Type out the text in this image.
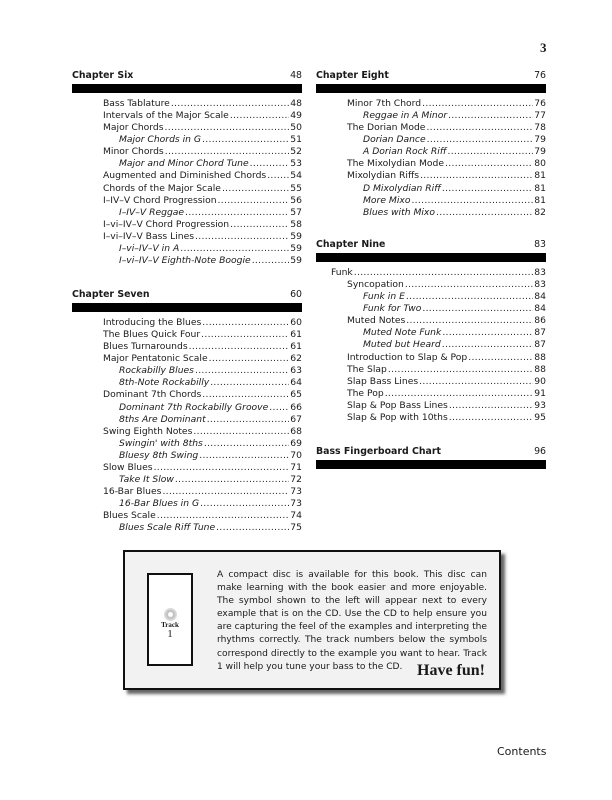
3
Chapter Six	48
Bass Tablature .....	48
Intervals of the Major Scale .....	49
Major Chords .....	50
Major Chords in G .....	51
Minor Chords .....	52
Major and Minor Chord Tune .....	53
Augmented and Diminished Chords .....	54
Chords of the Major Scale .....	55
I–IV–V Chord Progression .....	56
I–IV–V Reggae .....	57
I–vi–IV–V Chord Progression .....	58
I–vi–IV–V Bass Lines .....	59
I–vi–IV–V in A .....	59
I–vi–IV–V Eighth-Note Boogie .....	59
Chapter Seven	60
Introducing the Blues .....	60
The Blues Quick Four .....	61
Blues Turnarounds .....	61
Major Pentatonic Scale .....	62
Rockabilly Blues .....	63
8th-Note Rockabilly .....	64
Dominant 7th Chords .....	65
Dominant 7th Rockabilly Groove ..... 66
8ths Are Dominant .....	67
Swing Eighth Notes .....	68
Swingin' with 8ths .....	69
Bluesy 8th Swing .....	70
Slow Blues .....	71
Take It Slow .....	72
16-Bar Blues .....	73
16-Bar Blues in G .....	73
Blues Scale .....	74
Blues Scale Riff Tune .....	75
Chapter Eight	76
Minor 7th Chord .....	76
Reggae in A Minor .....	77
The Dorian Mode .....	78
Dorian Dance .....	79
A Dorian Rock Riff .....	79
The Mixolydian Mode .....	80
Mixolydian Riffs .....	81
D Mixolydian Riff .....	81
More Mixo .....	81
Blues with Mixo .....	82
Chapter Nine	83
Funk .....	83
Syncopation .....	83
Funk in E .....	84
Funk for Two .....	84
Muted Notes .....	86
Muted Note Funk .....	87
Muted but Heard .....	87
Introduction to Slap & Pop .....	88
The Slap .....	88
Slap Bass Lines .....	90
The Pop .....	91
Slap & Pop Bass Lines .....	93
Slap & Pop with 10ths .....	95
Bass Fingerboard Chart	96
Track
1
A compact disc is available for this book. This disc can make learning with the book easier and more enjoyable. The symbol shown to the left will appear next to every example that is on the CD. Use the CD to help ensure you are capturing the feel of the examples and interpreting the rhythms correctly. The track numbers below the symbols correspond directly to the example you want to hear. Track 1 will help you tune your bass to the CD. Have fun!
Contents
